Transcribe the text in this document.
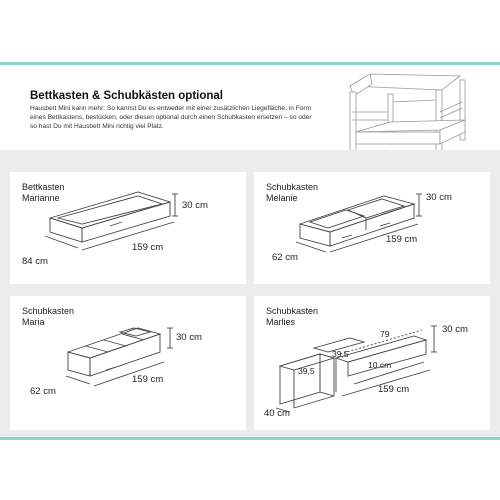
Bettkasten & Schubkästen optional
Hausbett Mini kann mehr: So kannst Du es entweder mit einer zusätzlichen Liegefläche, in Form eines Bettkastens, bestücken, oder diesen optional durch einen Schubkasten ersetzen – so oder so hast Du mit Hausbett Mini richtig viel Platz.
Bettkasten
Marianne
30 cm
159 cm
84 cm
Schubkasten
Melanie	30 cm
159 cm
62 cm
Schubkasten
Maria
30 cm
159 cm
62 cm
Schubkasten
Marlies
79
39,5
39,5
10 cm
30 cm
159 cm
40 cm
